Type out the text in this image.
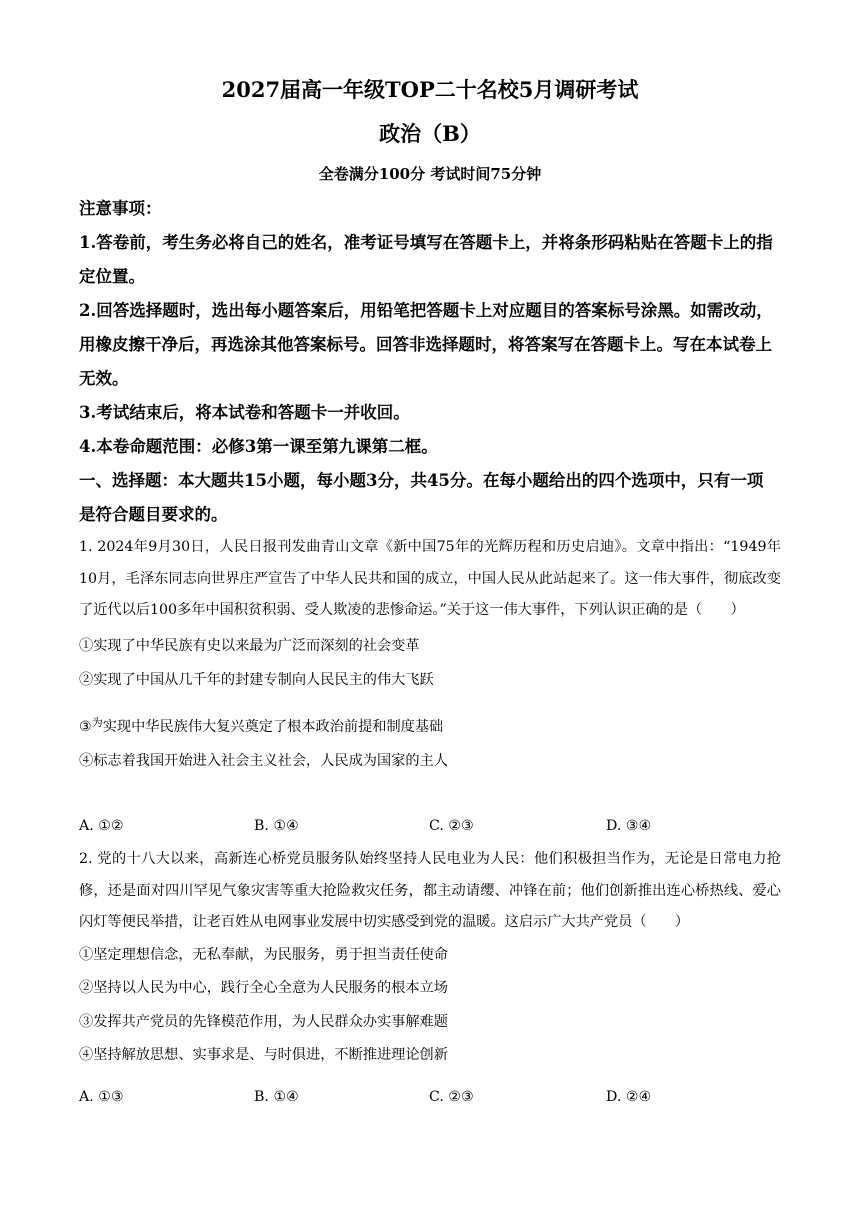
2027届高一年级TOP二十名校5月调研考试
政治（B）
全卷满分100分 考试时间75分钟

注意事项：

1.答卷前，考生务必将自己的姓名，准考证号填写在答题卡上，并将条形码粘贴在答题卡上的指定位置。

2.回答选择题时，选出每小题答案后，用铅笔把答题卡上对应题目的答案标号涂黑。如需改动，用橡皮擦干净后，再选涂其他答案标号。回答非选择题时，将答案写在答题卡上。写在本试卷上无效。

3.考试结束后，将本试卷和答题卡一并收回。

4.本卷命题范围：必修3第一课至第九课第二框。

一、选择题：本大题共15小题，每小题3分，共45分。在每小题给出的四个选项中，只有一项是符合题目要求的。

1. 2024年9月30日，人民日报刊发曲青山文章《新中国75年的光辉历程和历史启迪》。文章中指出：“1949年10月，毛泽东同志向世界庄严宣告了中华人民共和国的成立，中国人民从此站起来了。这一伟大事件，彻底改变了近代以后100多年中国积贫积弱、受人欺凌的悲惨命运。”关于这一伟大事件，下列认识正确的是（　　）

①实现了中华民族有史以来最为广泛而深刻的社会变革

②实现了中国从几千年的封建专制向人民民主的伟大飞跃

③$^为$实现中华民族伟大复兴奠定了根本政治前提和制度基础

④标志着我国开始进入社会主义社会，人民成为国家的主人

A. ①②	B. ①④	C. ②③	D. ③④

2. 党的十八大以来，高新连心桥党员服务队始终坚持人民电业为人民：他们积极担当作为，无论是日常电力抢修，还是面对四川罕见气象灾害等重大抢险救灾任务，都主动请缨、冲锋在前；他们创新推出连心桥热线、爱心闪灯等便民举措，让老百姓从电网事业发展中切实感受到党的温暖。这启示广大共产党员（　　）

①坚定理想信念，无私奉献，为民服务，勇于担当责任使命

②坚持以人民为中心，践行全心全意为人民服务的根本立场

③发挥共产党员的先锋模范作用，为人民群众办实事解难题

④坚持解放思想、实事求是、与时俱进，不断推进理论创新

A. ①③	B. ①④	C. ②③	D. ②④
